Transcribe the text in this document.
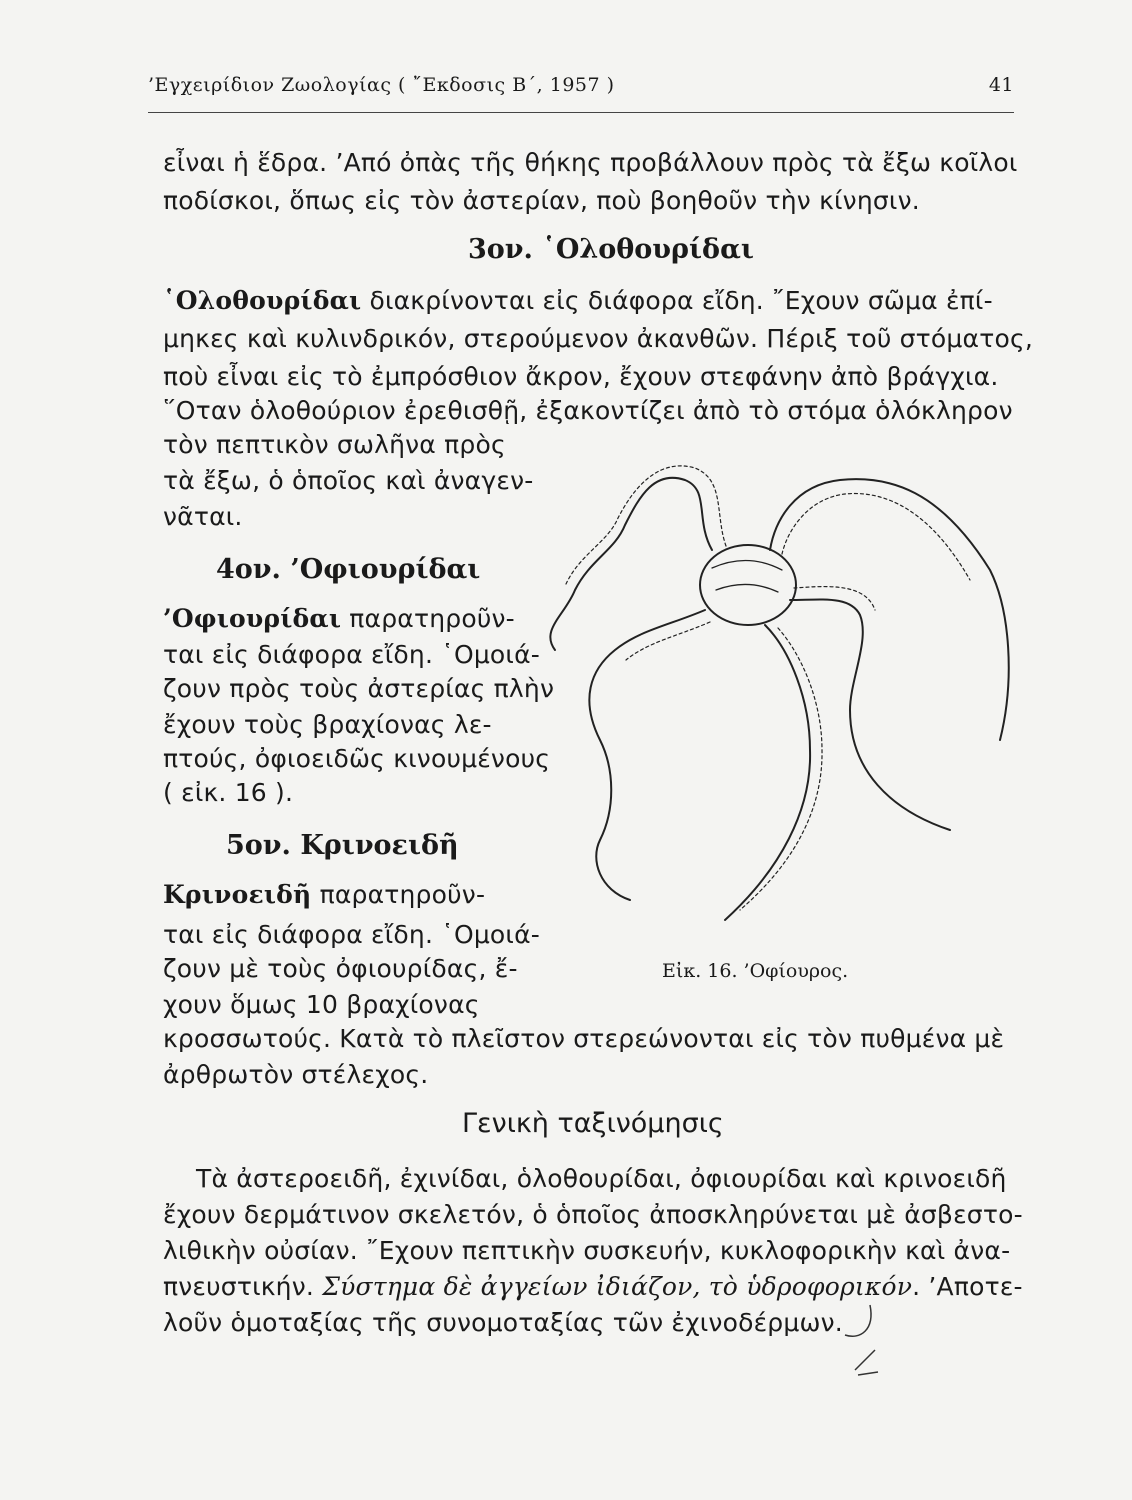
’Εγχειρίδιον Ζωολογίας ( ῎Εκδοσις Β΄, 1957 )	41
εἶναι ἡ ἕδρα. ’Από ὀπὰς τῆς θήκης προβάλλουν πρὸς τὰ ἔξω κοῖλοι
ποδίσκοι, ὅπως εἰς τὸν ἀστερίαν, ποὺ βοηθοῦν τὴν κίνησιν.
3ον. ῾Ολοθουρίδαι
῾Ολοθουρίδαι διακρίνονται εἰς διάφορα εἴδη. ῎Εχουν σῶμα ἐπί-
μηκες καὶ κυλινδρικόν, στερούμενον ἀκανθῶν. Πέριξ τοῦ στόματος,
ποὺ εἶναι εἰς τὸ ἐμπρόσθιον ἄκρον, ἔχουν στεφάνην ἀπὸ βράγχια.
῞Οταν ὁλοθούριον ἐρεθισθῇ, ἐξακοντίζει ἀπὸ τὸ στόμα ὁλόκληρον
τὸν πεπτικὸν σωλῆνα πρὸς
τὰ ἔξω, ὁ ὁποῖος καὶ ἀναγεν-
νᾶται.
4ον. ’Οφιουρίδαι
’Οφιουρίδαι παρατηροῦν-
ται εἰς διάφορα εἴδη. ῾Ομοιά-
ζουν πρὸς τοὺς ἀστερίας πλὴν
ἔχουν τοὺς βραχίονας λε-
πτούς, ὀφιοειδῶς κινουμένους
( εἰκ. 16 ).
5ον. Κρινοειδῆ
Κρινοειδῆ παρατηροῦν-
ται εἰς διάφορα εἴδη. ῾Ομοιά-
ζουν μὲ τοὺς ὀφιουρίδας, ἔ-
χουν ὅμως 10 βραχίονας
κροσσωτούς. Κατὰ τὸ πλεῖστον στερεώνονται εἰς τὸν πυθμένα μὲ
ἀρθρωτὸν στέλεχος.
Εἰκ. 16. ’Οφίουρος.
Γενικὴ ταξινόμησις
Τὰ ἀστεροειδῆ, ἐχινίδαι, ὁλοθουρίδαι, ὀφιουρίδαι καὶ κρινοειδῆ
ἔχουν δερμάτινον σκελετόν, ὁ ὁποῖος ἀποσκληρύνεται μὲ ἀσβεστο-
λιθικὴν οὐσίαν. ῎Εχουν πεπτικὴν συσκευήν, κυκλοφορικὴν καὶ ἀνα-
πνευστικήν. Σύστημα δὲ ἀγγείων ἰδιάζον, τὸ ὑδροφορικόν. ’Αποτε-
λοῦν ὁμοταξίας τῆς συνομοταξίας τῶν ἐχινοδέρμων.
